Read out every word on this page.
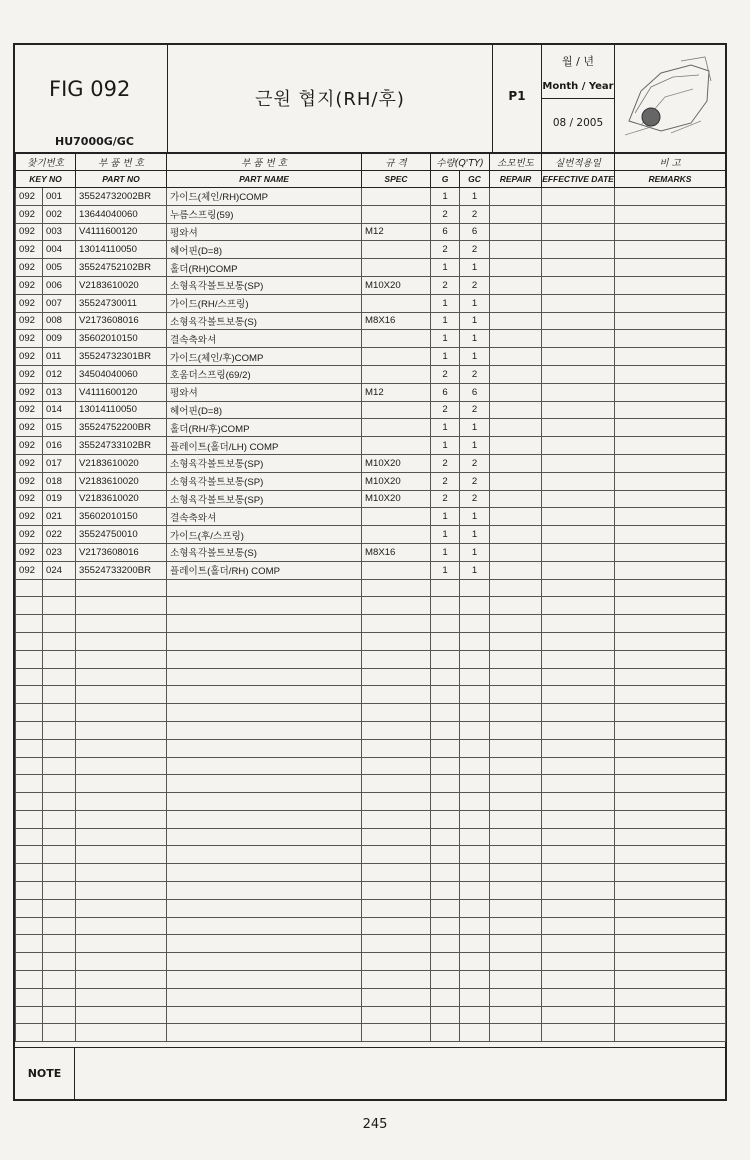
FIG 092
HU7000G/GC
근원 협지(RH/후)	P1
월 / 년
Month / Year
08 / 2005
찾기번호		부 품 번 호	부 품 번 호	규 격	수량(Q'TY)		소모빈도	실번적용일	비 고
KEY NO		PART NO	PART NAME	SPEC	G	GC	REPAIR	EFFECTIVE DATE	REMARKS
092	001	35524732002BR	가이드(체인/RH)COMP		1	1			
092	002	13644040060	누름스프링(59)		2	2			
092	003	V4111600120	평와셔	M12	6	6			
092	004	13014110050	헤어핀(D=8)		2	2			
092	005	35524752102BR	홀더(RH)COMP		1	1			
092	006	V2183610020	소형육각볼트보통(SP)	M10X20	2	2			
092	007	35524730011	가이드(RH/스프링)		1	1			
092	008	V2173608016	소형육각볼트보통(S)	M8X16	1	1			
092	009	35602010150	결속축와셔		1	1			
092	011	35524732301BR	가이드(체인/후)COMP		1	1			
092	012	34504040060	호움더스프링(69/2)		2	2			
092	013	V4111600120	평와셔	M12	6	6			
092	014	13014110050	헤어핀(D=8)		2	2			
092	015	35524752200BR	홀더(RH/후)COMP		1	1			
092	016	35524733102BR	플레이트(홀더/LH) COMP		1	1			
092	017	V2183610020	소형육각볼트보통(SP)	M10X20	2	2			
092	018	V2183610020	소형육각볼트보통(SP)	M10X20	2	2			
092	019	V2183610020	소형육각볼트보통(SP)	M10X20	2	2			
092	021	35602010150	결속축와셔		1	1			
092	022	35524750010	가이드(후/스프링)		1	1			
092	023	V2173608016	소형육각볼트보통(S)	M8X16	1	1			
092	024	35524733200BR	플레이트(홀더/RH) COMP		1	1			

NOTE
245
